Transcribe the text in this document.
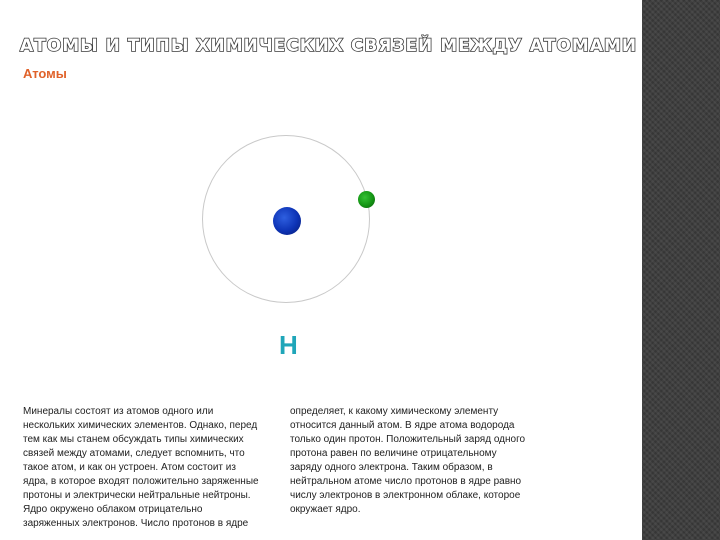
АТОМЫ И ТИПЫ ХИМИЧЕСКИХ СВЯЗЕЙ МЕЖДУ АТОМАМИ
Атомы
H
Минералы состоят из атомов одного или
нескольких химических элементов. Однако, перед
тем как мы станем обсуждать типы химических
связей между атомами, следует вспомнить, что
такое атом, и как он устроен. Атом состоит из
ядра, в которое входят положительно заряженные
протоны и электрически нейтральные нейтроны.
Ядро окружено облаком отрицательно
заряженных электронов. Число протонов в ядре
определяет, к какому химическому элементу
относится данный атом. В ядре атома водорода
только один протон. Положительный заряд одного
протона равен по величине отрицательному
заряду одного электрона. Таким образом, в
нейтральном атоме число протонов в ядре равно
числу электронов в электронном облаке, которое
окружает ядро.
